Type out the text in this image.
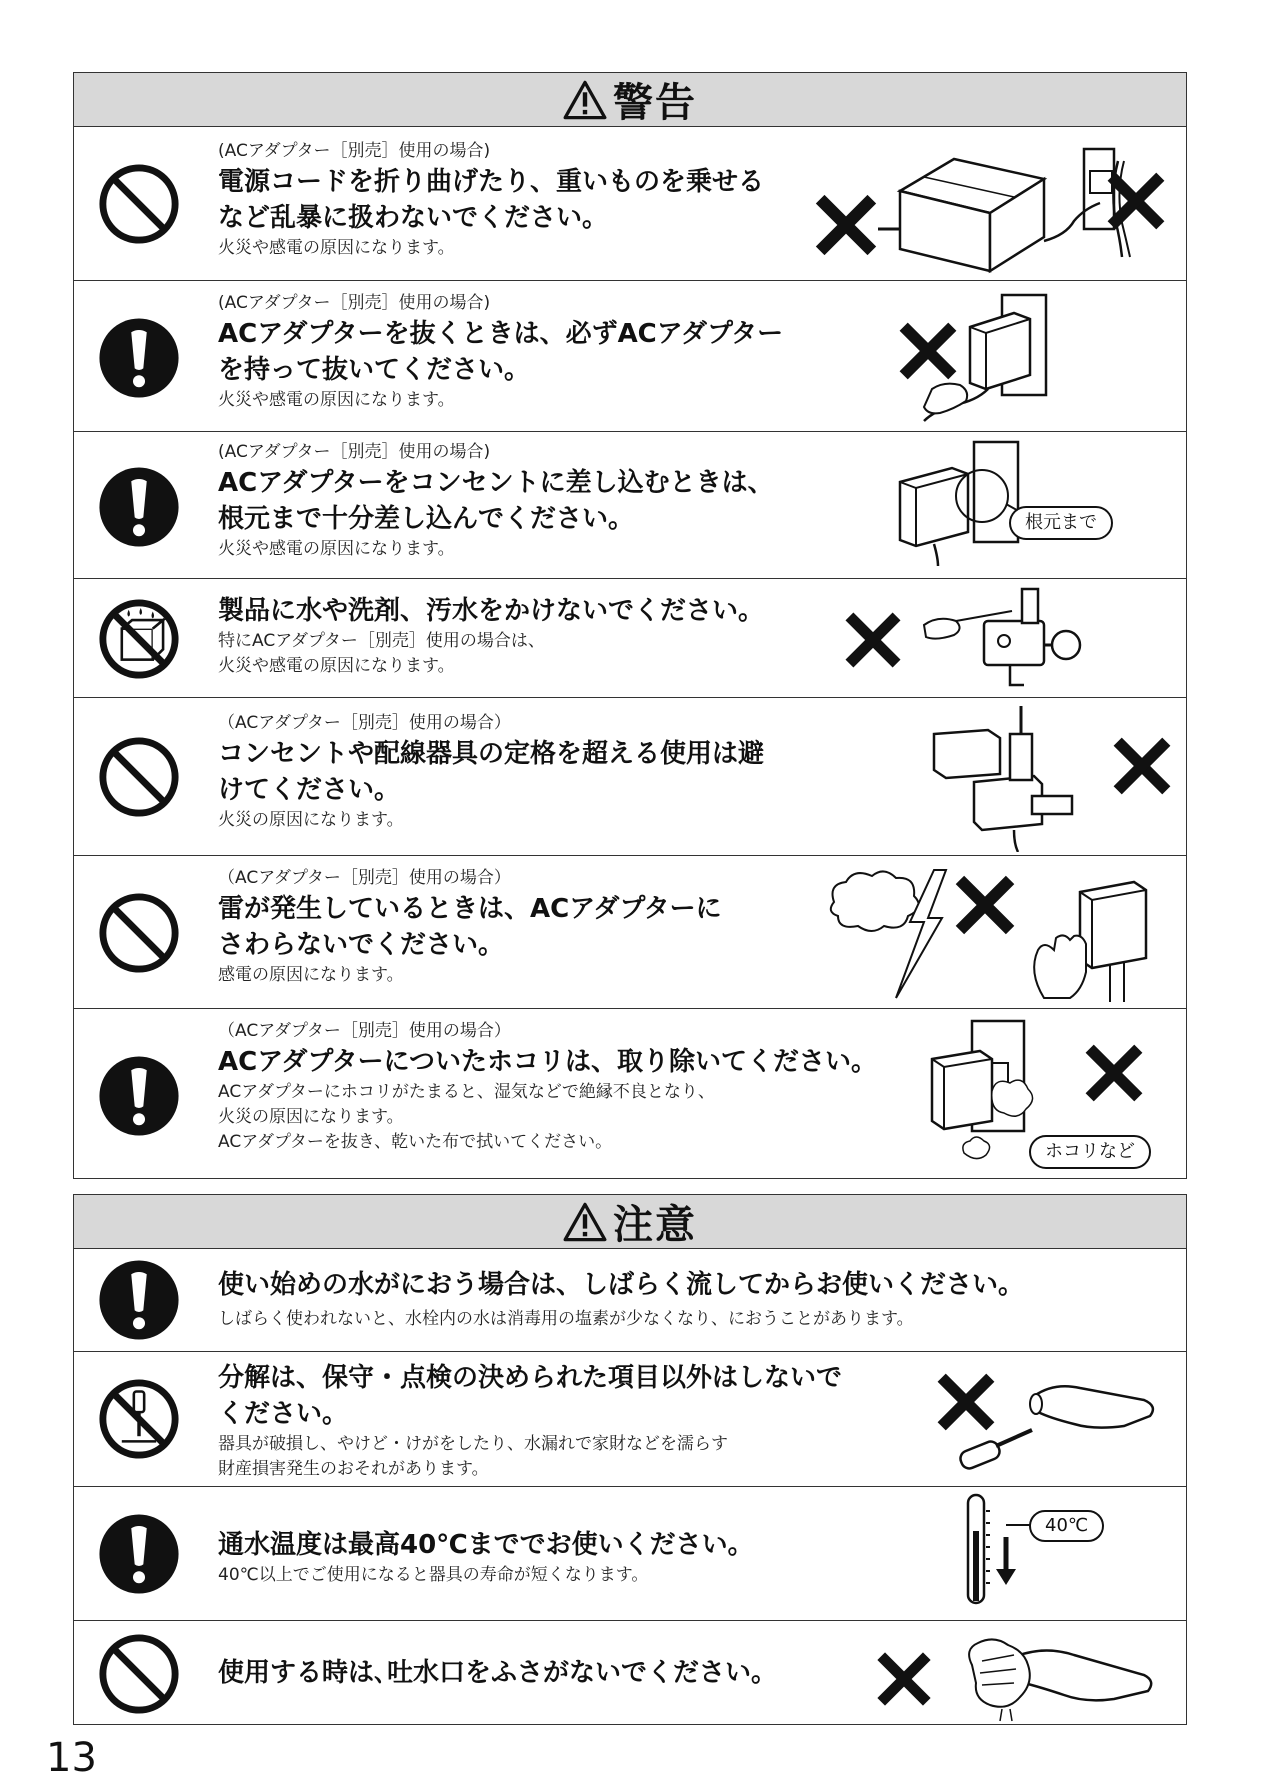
警告
(ACアダプター［別売］使用の場合)
電源コードを折り曲げたり、重いものを乗せる
など乱暴に扱わないでください。
火災や感電の原因になります。
(ACアダプター［別売］使用の場合)
ACアダプターを抜くときは、必ずACアダプター
を持って抜いてください。
火災や感電の原因になります。
(ACアダプター［別売］使用の場合)
ACアダプターをコンセントに差し込むときは、
根元まで十分差し込んでください。
火災や感電の原因になります。
根元まで
製品に水や洗剤、汚水をかけないでください。
特にACアダプター［別売］使用の場合は、
火災や感電の原因になります。
（ACアダプター［別売］使用の場合）
コンセントや配線器具の定格を超える使用は避
けてください。
火災の原因になります。
（ACアダプター［別売］使用の場合）
雷が発生しているときは、ACアダプターに
さわらないでください。
感電の原因になります。
（ACアダプター［別売］使用の場合）
ACアダプターについたホコリは、取り除いてください。
ACアダプターにホコリがたまると、湿気などで絶縁不良となり、
火災の原因になります。
ACアダプターを抜き、乾いた布で拭いてください。	ホコリなど
注意
使い始めの水がにおう場合は、しばらく流してからお使いください。
しばらく使われないと、水栓内の水は消毒用の塩素が少なくなり、におうことがあります。
分解は、保守・点検の決められた項目以外はしないで
ください。
器具が破損し、やけど・けがをしたり、水漏れで家財などを濡らす
財産損害発生のおそれがあります。
通水温度は最高40℃まででお使いください。
40℃以上でご使用になると器具の寿命が短くなります。
40℃
使用する時は､吐水口をふさがないでください。
13
